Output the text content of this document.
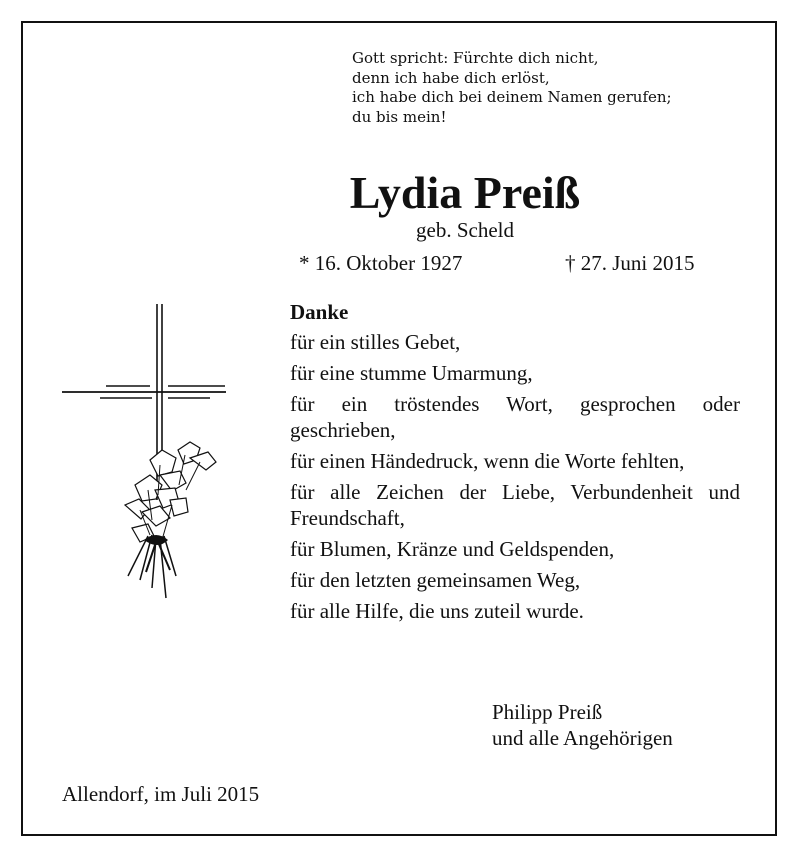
Gott spricht: Fürchte dich nicht,
denn ich habe dich erlöst,
ich habe dich bei deinem Namen gerufen;
du bis mein!
Lydia Preiß
geb. Scheld
* 16. Oktober 1927	† 27. Juni 2015
Danke
für ein stilles Gebet,
für eine stumme Umarmung,
für ein tröstendes Wort, gesprochen oder geschrieben,
für einen Händedruck, wenn die Worte fehlten,
für alle Zeichen der Liebe, Verbundenheit und Freundschaft,
für Blumen, Kränze und Geldspenden,
für den letzten gemeinsamen Weg,
für alle Hilfe, die uns zuteil wurde.
Philipp Preiß
und alle Angehörigen
Allendorf, im Juli 2015
